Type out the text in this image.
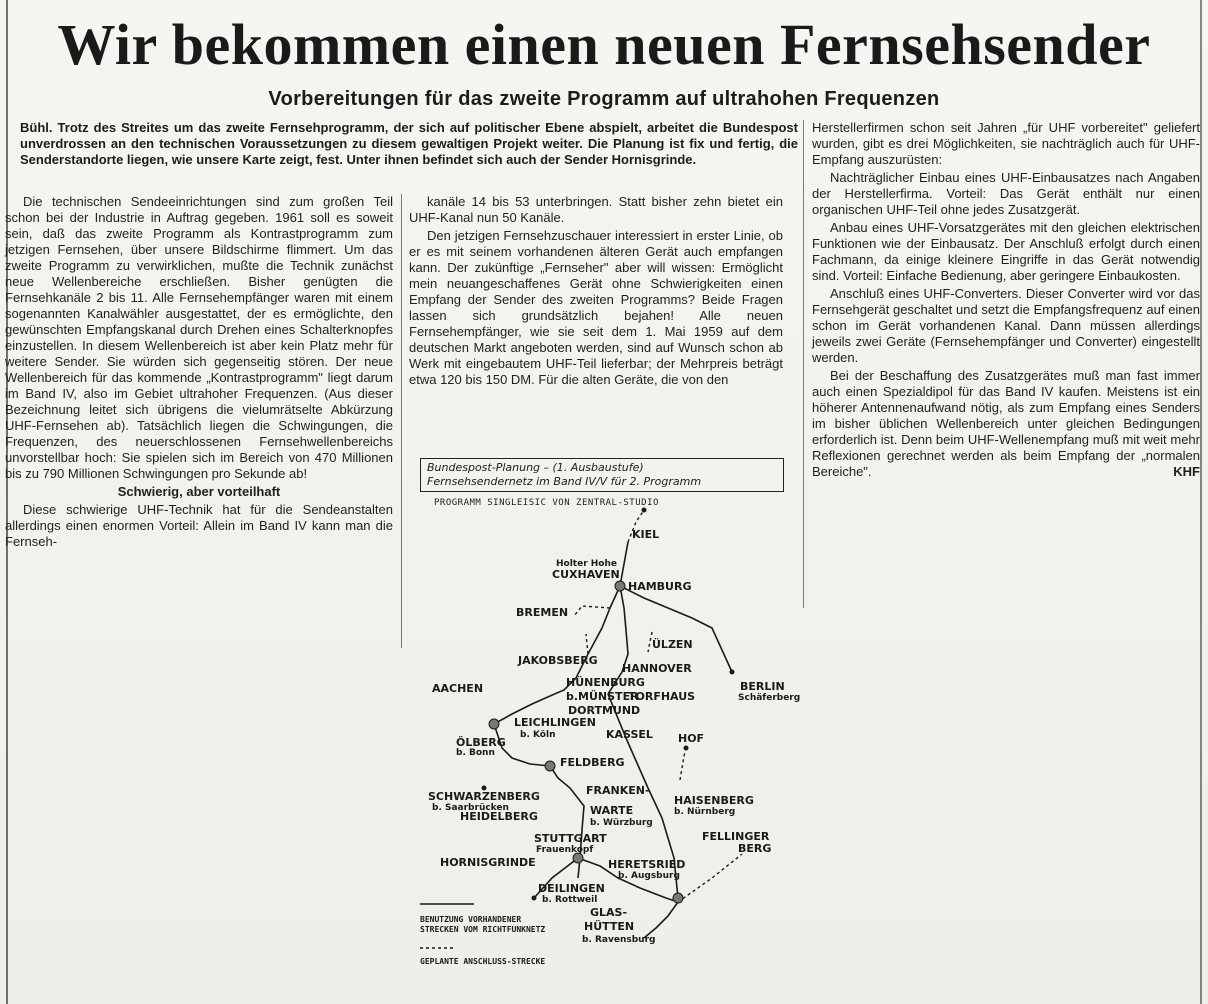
Wir bekommen einen neuen Fernsehsender
Vorbereitungen für das zweite Programm auf ultrahohen Frequenzen
Bühl. Trotz des Streites um das zweite Fernsehprogramm, der sich auf politischer Ebene abspielt, arbeitet die Bundespost unverdrossen an den technischen Voraussetzungen zu diesem gewaltigen Projekt weiter. Die Planung ist fix und fertig, die Senderstandorte liegen, wie unsere Karte zeigt, fest. Unter ihnen befindet sich auch der Sender Hornisgrinde.

Die technischen Sendeeinrichtungen sind zum großen Teil schon bei der Industrie in Auftrag gegeben. 1961 soll es soweit sein, daß das zweite Programm als Kontrastprogramm zum jetzigen Fernsehen, über unsere Bildschirme flimmert. Um das zweite Programm zu verwirklichen, mußte die Technik zunächst neue Wellenbereiche erschließen. Bisher genügten die Fernsehkanäle 2 bis 11. Alle Fernsehempfänger waren mit einem sogenannten Kanalwähler ausgestattet, der es ermöglichte, den gewünschten Empfangskanal durch Drehen eines Schalterknopfes einzustellen. In diesem Wellenbereich ist aber kein Platz mehr für weitere Sender. Sie würden sich gegenseitig stören. Der neue Wellenbereich für das kommende „Kontrastprogramm" liegt darum im Band IV, also im Gebiet ultrahoher Frequenzen. (Aus dieser Bezeichnung leitet sich übrigens die vielumrätselte Abkürzung UHF-Fernsehen ab). Tatsächlich liegen die Schwingungen, die Frequenzen, des neuerschlossenen Fernsehwellenbereichs unvorstellbar hoch: Sie spielen sich im Bereich von 470 Millionen bis zu 790 Millionen Schwingungen pro Sekunde ab!

Schwierig, aber vorteilhaft

Diese schwierige UHF-Technik hat für die Sendeanstalten allerdings einen enormen Vorteil: Allein im Band IV kann man die Fernseh-

kanäle 14 bis 53 unterbringen. Statt bisher zehn bietet ein UHF-Kanal nun 50 Kanäle.

Den jetzigen Fernsehzuschauer interessiert in erster Linie, ob er es mit seinem vorhandenen älteren Gerät auch empfangen kann. Der zukünftige „Fernseher" aber will wissen: Ermöglicht mein neuangeschaffenes Gerät ohne Schwierigkeiten einen Empfang der Sender des zweiten Programms? Beide Fragen lassen sich grundsätzlich bejahen! Alle neuen Fernsehempfänger, wie sie seit dem 1. Mai 1959 auf dem deutschen Markt angeboten werden, sind auf Wunsch schon ab Werk mit eingebautem UHF-Teil lieferbar; der Mehrpreis beträgt etwa 120 bis 150 DM. Für die alten Geräte, die von den

Herstellerfirmen schon seit Jahren „für UHF vorbereitet" geliefert wurden, gibt es drei Möglichkeiten, sie nachträglich auch für UHF-Empfang auszurüsten:

Nachträglicher Einbau eines UHF-Einbausatzes nach Angaben der Herstellerfirma. Vorteil: Das Gerät enthält nur einen organischen UHF-Teil ohne jedes Zusatzgerät.

Anbau eines UHF-Vorsatzgerätes mit den gleichen elektrischen Funktionen wie der Einbausatz. Der Anschluß erfolgt durch einen Fachmann, da einige kleinere Eingriffe in das Gerät notwendig sind. Vorteil: Einfache Bedienung, aber geringere Einbaukosten.

Anschluß eines UHF-Converters. Dieser Converter wird vor das Fernsehgerät geschaltet und setzt die Empfangsfrequenz auf einen schon im Gerät vorhandenen Kanal. Dann müssen allerdings jeweils zwei Geräte (Fernsehempfänger und Converter) eingestellt werden.

Bei der Beschaffung des Zusatzgerätes muß man fast immer auch einen Spezialdipol für das Band IV kaufen. Meistens ist ein höherer Antennenaufwand nötig, als zum Empfang eines Senders im bisher üblichen Wellenbereich unter gleichen Bedingungen erforderlich ist. Denn beim UHF-Wellenempfang muß mit weit mehr Reflexionen gerechnet werden als beim Empfang der „normalen Bereiche".	KHF

Bundespost-Planung – (1. Ausbaustufe)
Fernsehsendernetz im Band IV/V für 2. Programm
PROGRAMM SINGLEISIC VON ZENTRAL-STUDIO
KIEL
Holter Hohe
CUXHAVEN
HAMBURG
BREMEN
ÜLZEN
JAKOBSBERG
HANNOVER
BERLIN
Schäferberg
AACHEN	HÜNENBURG
b.MÜNSTER
TORFHAUS
DORTMUND
LEICHLINGEN
b. Köln	KASSEL
ÖLBERG
b. Bonn
HOF
FELDBERG
SCHWARZENBERG
b. Saarbrücken
FRANKEN-
WARTE
b. Würzburg
HAISENBERG
b. Nürnberg
HEIDELBERG
FELLINGER
BERG
STUTTGART
Frauenkopf
HORNISGRINDE	HERETSRIED
b. Augsburg
DEILINGEN
b. Rottweil
GLAS-
HÜTTEN
b. Ravensburg
BENUTZUNG VORHANDENER
STRECKEN VOM RICHTFUNKNETZ
GEPLANTE ANSCHLUSS-STRECKE
